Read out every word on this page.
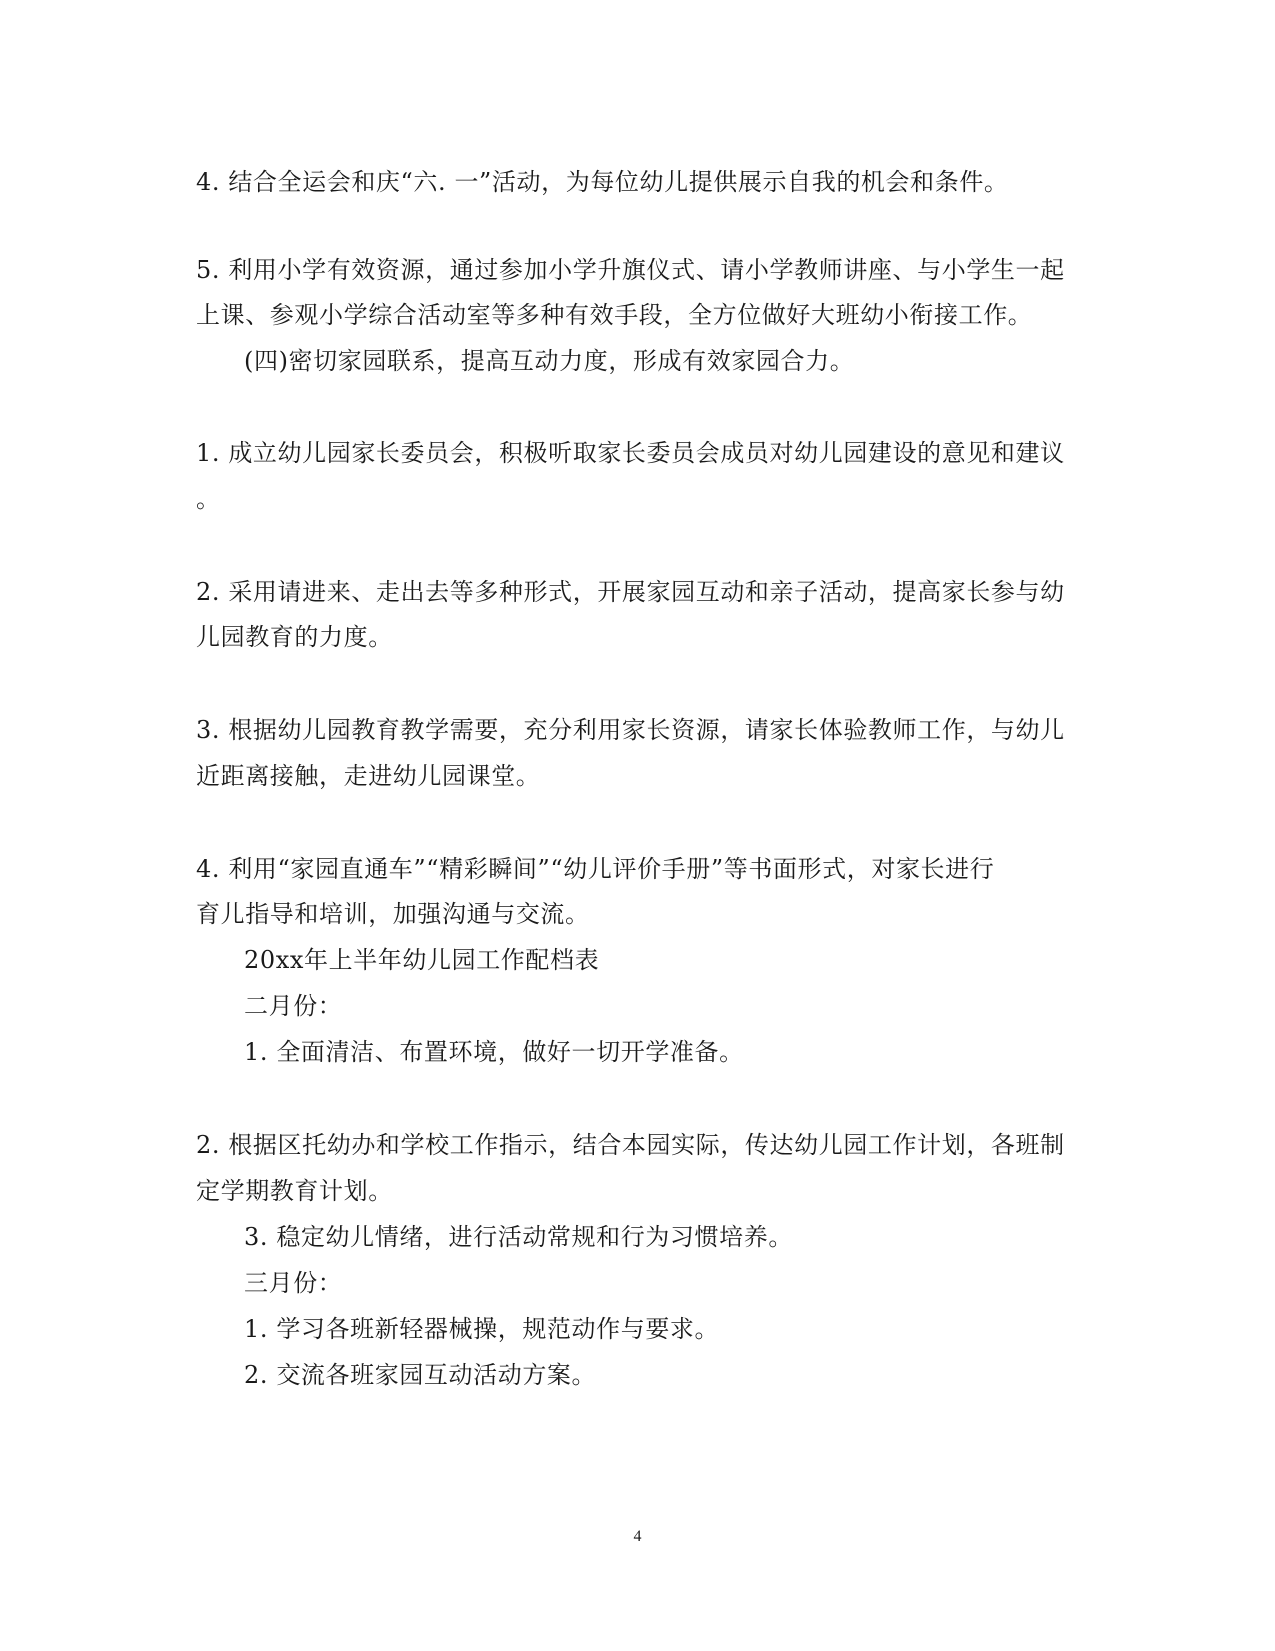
4. 结合全运会和庆“六. 一”活动，为每位幼儿提供展示自我的机会和条件。
5. 利用小学有效资源，通过参加小学升旗仪式、请小学教师讲座、与小学生一起
上课、参观小学综合活动室等多种有效手段，全方位做好大班幼小衔接工作。
(四)密切家园联系，提高互动力度，形成有效家园合力。
1. 成立幼儿园家长委员会，积极听取家长委员会成员对幼儿园建设的意见和建议
。
2. 采用请进来、走出去等多种形式，开展家园互动和亲子活动，提高家长参与幼
儿园教育的力度。
3. 根据幼儿园教育教学需要，充分利用家长资源，请家长体验教师工作，与幼儿
近距离接触，走进幼儿园课堂。
4. 利用“家园直通车”“精彩瞬间”“幼儿评价手册”等书面形式，对家长进行
育儿指导和培训，加强沟通与交流。
20xx年上半年幼儿园工作配档表
二月份：
1. 全面清洁、布置环境，做好一切开学准备。
2. 根据区托幼办和学校工作指示，结合本园实际，传达幼儿园工作计划，各班制
定学期教育计划。
3. 稳定幼儿情绪，进行活动常规和行为习惯培养。
三月份：
1. 学习各班新轻器械操，规范动作与要求。
2. 交流各班家园互动活动方案。
4
